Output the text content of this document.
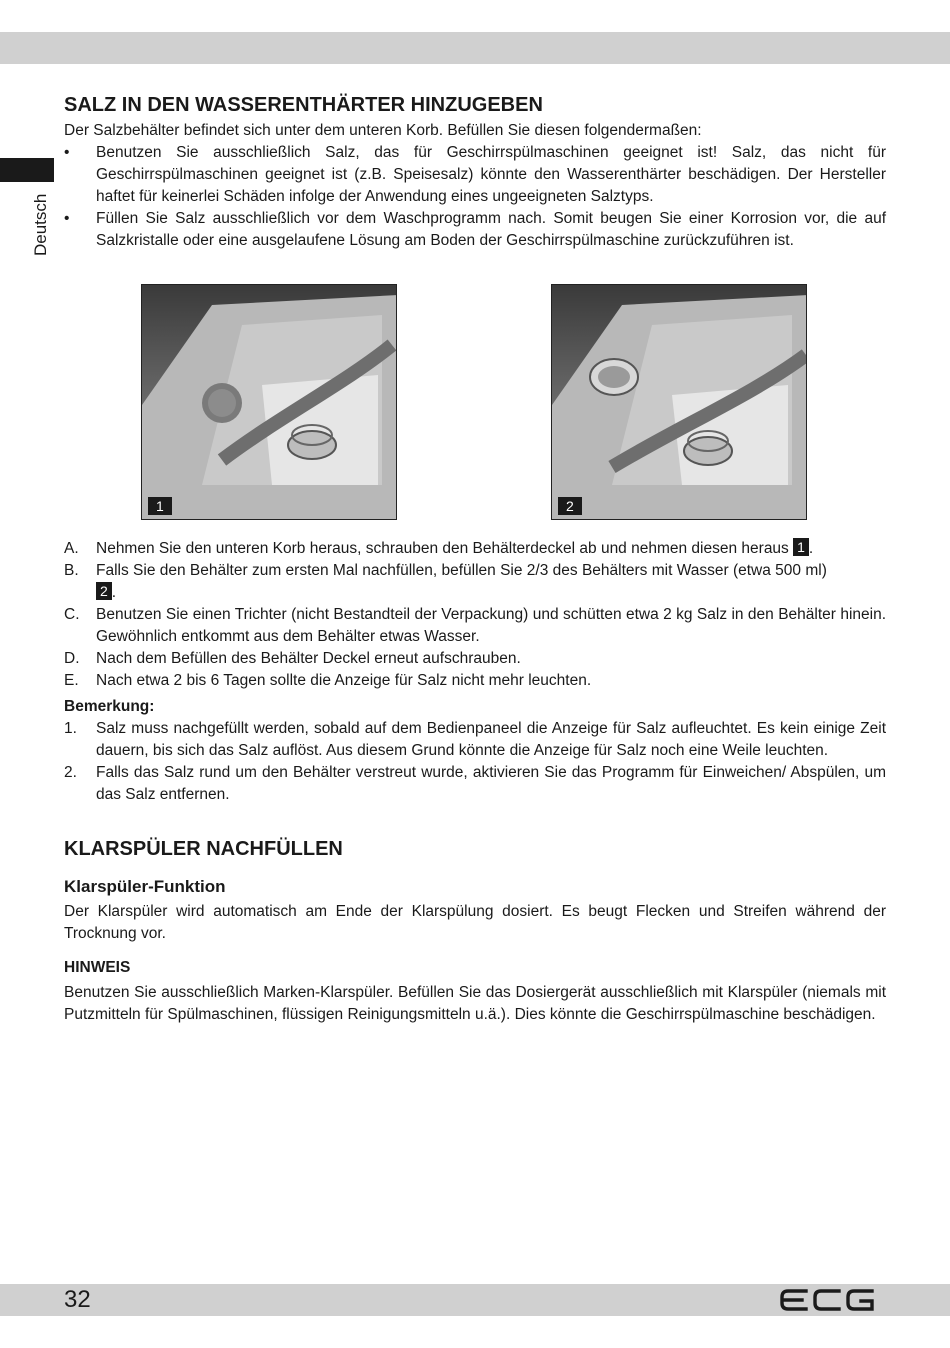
Deutsch
SALZ IN DEN WASSERENTHÄRTER HINZUGEBEN

Der Salzbehälter befindet sich unter dem unteren Korb. Befüllen Sie diesen folgendermaßen:

• Benutzen Sie ausschließlich Salz, das für Geschirrspülmaschinen geeignet ist! Salz, das nicht für Geschirrspülmaschinen geeignet ist (z.B. Speisesalz) könnte den Wasserenthärter beschädigen. Der Hersteller haftet für keinerlei Schäden infolge der Anwendung eines ungeeigneten Salztyps.
• Füllen Sie Salz ausschließlich vor dem Waschprogramm nach. Somit beugen Sie einer Korrosion vor, die auf Salzkristalle oder eine ausgelaufene Lösung am Boden der Geschirrspülmaschine zurückzuführen ist.
1	2
A. Nehmen Sie den unteren Korb heraus, schrauben den Behälterdeckel ab und nehmen diesen heraus 1 .
B. Falls Sie den Behälter zum ersten Mal nachfüllen, befüllen Sie 2/3 des Behälters mit Wasser (etwa 500 ml)
2 .
C. Benutzen Sie einen Trichter (nicht Bestandteil der Verpackung) und schütten etwa 2 kg Salz in den Behälter hinein. Gewöhnlich entkommt aus dem Behälter etwas Wasser.
D. Nach dem Befüllen des Behälter Deckel erneut aufschrauben.
E. Nach etwa 2 bis 6 Tagen sollte die Anzeige für Salz nicht mehr leuchten.

Bemerkung:

1. Salz muss nachgefüllt werden, sobald auf dem Bedienpaneel die Anzeige für Salz aufleuchtet. Es kein einige Zeit dauern, bis sich das Salz auflöst. Aus diesem Grund könnte die Anzeige für Salz noch eine Weile leuchten.
2. Falls das Salz rund um den Behälter verstreut wurde, aktivieren Sie das Programm für Einweichen/ Abspülen, um das Salz entfernen.
KLARSPÜLER NACHFÜLLEN
Klarspüler-Funktion

Der Klarspüler wird automatisch am Ende der Klarspülung dosiert. Es beugt Flecken und Streifen während der Trocknung vor.

HINWEIS

Benutzen Sie ausschließlich Marken-Klarspüler. Befüllen Sie das Dosiergerät ausschließlich mit Klarspüler (niemals mit Putzmitteln für Spülmaschinen, flüssigen Reinigungsmitteln u.ä.). Dies könnte die Geschirrspülmaschine beschädigen.

32
